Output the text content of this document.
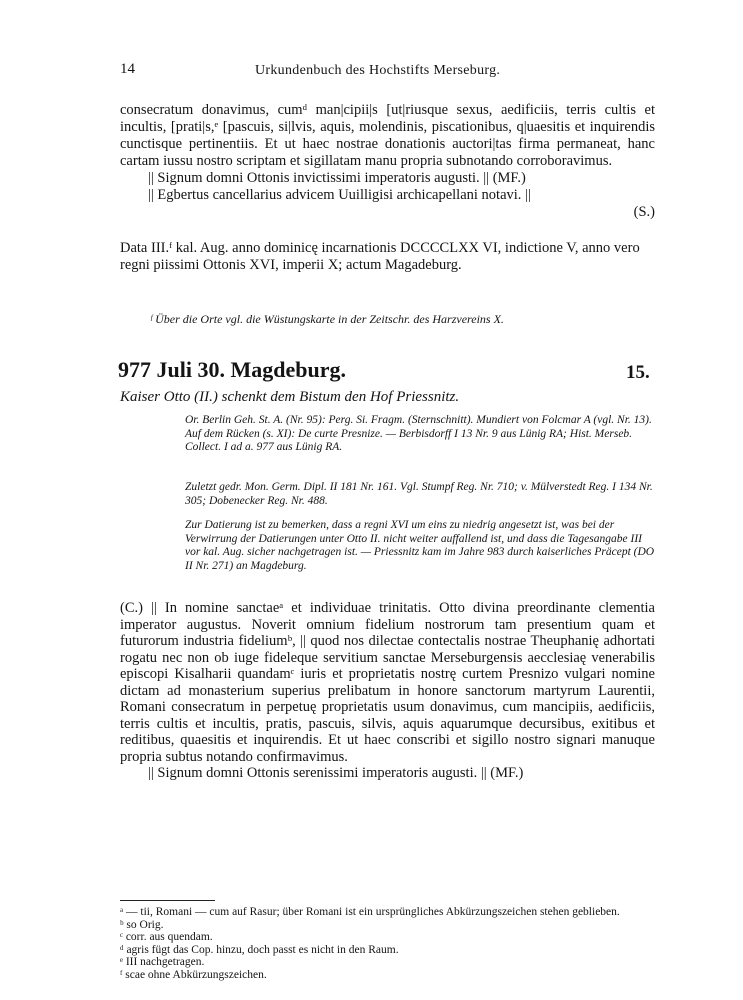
14	Urkundenbuch des Hochstifts Merseburg.
consecratum donavimus, cumᵈ man|cipii|s [ut|riusque sexus, aedificiis, terris cultis et incultis, [prati|s,ᵉ [pascuis, si|lvis, aquis, molendinis, piscationibus, q|uaesitis et inquirendis cunctisque pertinentiis. Et ut haec nostrae donationis auctori|tas firma permaneat, hanc cartam iussu nostro scriptam et sigillatam manu propria subnotando corroboravimus.
|| Signum domni Ottonis invictissimi imperatoris augusti. || (MF.)
|| Egbertus cancellarius advicem Uuilligisi archicapellani notavi. ||
(S.)
Data III.ᶠ kal. Aug. anno dominicę incarnationis DCCCCLXX VI, indictione V, anno vero regni piissimi Ottonis XVI, imperii X; actum Magadeburg.
ᶠ Über die Orte vgl. die Wüstungskarte in der Zeitschr. des Harzvereins X.
977 Juli 30. Magdeburg.	15.
Kaiser Otto (II.) schenkt dem Bistum den Hof Priessnitz.
Or. Berlin Geh. St. A. (Nr. 95): Perg. Si. Fragm. (Sternschnitt). Mundiert von Folcmar A (vgl. Nr. 13). Auf dem Rücken (s. XI): De curte Presnize. — Berbisdorff I 13 Nr. 9 aus Lünig RA; Hist. Merseb. Collect. I ad a. 977 aus Lünig RA.
Zuletzt gedr. Mon. Germ. Dipl. II 181 Nr. 161. Vgl. Stumpf Reg. Nr. 710; v. Mülverstedt Reg. I 134 Nr. 305; Dobenecker Reg. Nr. 488.
Zur Datierung ist zu bemerken, dass a regni XVI um eins zu niedrig angesetzt ist, was bei der Verwirrung der Datierungen unter Otto II. nicht weiter auffallend ist, und dass die Tagesangabe III vor kal. Aug. sicher nachgetragen ist. — Priessnitz kam im Jahre 983 durch kaiserliches Präcept (DO II Nr. 271) an Magdeburg.
(C.) || In nomine sanctaeᵃ et individuae trinitatis. Otto divina preordinante clementia imperator augustus. Noverit omnium fidelium nostrorum tam presentium quam et futurorum industria fideliumᵇ, || quod nos dilectae contectalis nostrae Theuphanię adhortati rogatu nec non ob iuge fideleque servitium sanctae Merseburgensis aecclesiaę venerabilis episcopi Kisalharii quandamᶜ iuris et proprietatis nostrę curtem Presnizo vulgari nomine dictam ad monasterium superius prelibatum in honore sanctorum martyrum Laurentii, Romani consecratum in perpetuę proprietatis usum donavimus, cum mancipiis, aedificiis, terris cultis et incultis, pratis, pascuis, silvis, aquis aquarumque decursibus, exitibus et reditibus, quaesitis et inquirendis. Et ut haec conscribi et sigillo nostro signari manuque propria subtus notando confirmavimus.
|| Signum domni Ottonis serenissimi imperatoris augusti. || (MF.)
ᵃ — tii, Romani — cum auf Rasur; über Romani ist ein ursprüngliches Abkürzungszeichen stehen geblieben.
ᵇ so Orig.
ᶜ corr. aus quendam.
ᵈ agris fügt das Cop. hinzu, doch passt es nicht in den Raum.
ᵉ III nachgetragen.
ᶠ scae ohne Abkürzungszeichen.
